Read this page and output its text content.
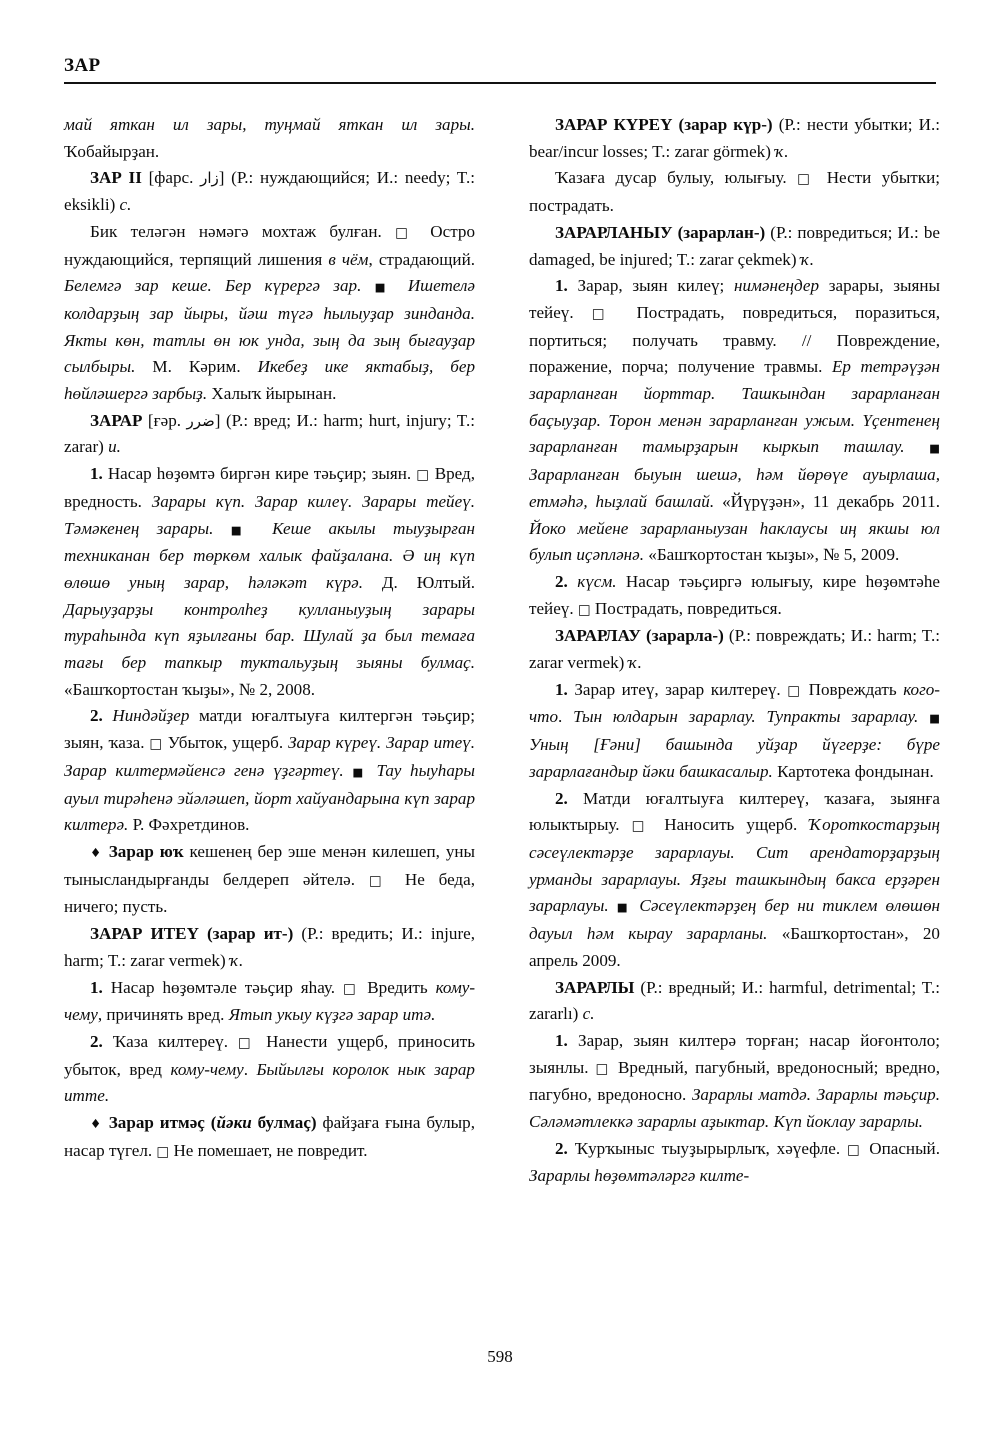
ЗАР

май яткан ил зары, туңмай яткан ил зары. Ҡобайырҙан.

ЗАР II [фарс. زار] (Р.: нуждающийся; И.: needy; T.: eksikli) с.

Бик теләгән нәмәгә мохтаж булған. □ Остро нуждающийся, терпящий лишения в чём, страдающий. Белемгә зар кеше. Бер күрергә зар. ■ Ишетелә колдарҙың зар йыры, йәш түгә һылыуҙар зинданда. Якты көн, татлы өн юк унда, зың да зың бығауҙар сылбыры. М. Кәрим. Икебеҙ ике яктабыҙ, бер һөйләшергә зарбыҙ. Халыҡ йырынан.

ЗАРАР [ғәр. ضرر] (Р.: вред; И.: harm; hurt, injury; T.: zarar) и.

1. Насар һөҙөмтә биргән кире тәьҫир; зыян. □ Вред, вредность. Зарары күп. Зарар килеү. Зарары тейеү. Тәмәкенең зарары. ■ Кеше акылы тыуҙырған техниканан бер төркөм халык файҙалана. Ә иң күп өлөшө уның зарар, һәләкәт күрә. Д. Юлтый. Дарыуҙарҙы контролһеҙ кулланыуҙың зарары тураһында күп яҙылғаны бар. Шулай ҙа был темаға тағы бер тапкыр туктальуҙың зыяны булмаҫ. «Башҡортостан ҡыҙы», № 2, 2008.

2. Ниндәйҙер матди юғалтыуға килтергән тәьҫир; зыян, ҡаза. □ Убыток, ущерб. Зарар күреү. Зарар итеү. Зарар килтермәйенсә генә үҙгәртеү. ■ Тау һыуһары ауыл тирәһенә эйәләшеп, йорт хайуандарына күп зарар килтерә. Р. Фәхретдинов.

♦ Зарар юҡ кешенең бер эше менән килешеп, уны тынысландырғанды белдереп әйтелә. □ Не беда, ничего; пусть.

ЗАРАР ИТЕҮ (зарар ит-) (Р.: вредить; И.: injure, harm; T.: zarar vermek) ҡ.

1. Насар һөҙөмтәле тәьҫир яһау. □ Вредить кому-чему, причинять вред. Ятып укыу күҙгә зарар итә.

2. Ҡаза килтереү. □ Нанести ущерб, приносить убыток, вред кому-чему. Быйылғы королок нык зарар итте.

♦ Зарар итмәҫ (йәки булмаҫ) файҙаға ғына булыр, насар түгел. □ Не помешает, не повредит.

ЗАРАР КҮРЕҮ (зарар күр-) (Р.: нести убытки; И.: bear/incur losses; T.: zarar görmek) ҡ.

Ҡазаға дусар булыу, юлығыу. □ Нести убытки; пострадать.

ЗАРАРЛАНЫУ (зарарлан-) (Р.: повредиться; И.: be damaged, be injured; T.: zarar çekmek) ҡ.

1. Зарар, зыян килеү; нимәнеңдер зарары, зыяны тейеү. □ Пострадать, повредиться, поразиться, портиться; получать травму. // Повреждение, поражение, порча; получение травмы. Ер тетрәүҙән зарарланған йорттар. Ташкындан зарарланған баҫыуҙар. Торон менән зарарланған ужым. Үҫентенең зарарланған тамырҙарын кыркып ташлау. ■ Зарарланған быуын шешә, һәм йөрөүе ауырлаша, етмәһә, һыҙлай башлай. «Йүрүҙән», 11 декабрь 2011. Йоко мейене зарарланыузан һаклаусы иң якшы юл булып иҫәпләнә. «Башҡортостан ҡыҙы», № 5, 2009.

2. күсм. Насар тәьҫиргә юлығыу, кире һөҙөмтәһе тейеү. □ Пострадать, повредиться.

ЗАРАРЛАУ (зарарла-) (Р.: повреждать; И.: harm; T.: zarar vermek) ҡ.

1. Зарар итеү, зарар килтереү. □ Повреждать кого-что. Тын юлдарын зарарлау. Тупракты зарарлау. ■ Уның [Ғәни] башында уйҙар йүгерҙе: бүре зарарлағандыр йәки башкасалыр. Картотека фондынан.

2. Матди юғалтыуға килтереү, ҡазаға, зыянға юлыктырыу. □ Наносить ущерб. Ҡороткостарҙың сәсеүлектәрҙе зарарлауы. Сит арендаторҙарҙың урманды зарарлауы. Яҙғы ташкындың бакса ерҙәрен зарарлауы. ■ Сәсеүлектәрҙең бер ни тиклем өлөшөн дауыл һәм кырау зарарланы. «Башҡортостан», 20 апрель 2009.

ЗАРАРЛЫ (Р.: вредный; И.: harmful, detrimental; T.: zararlı) с.

1. Зарар, зыян килтерә торған; насар йоғонтоло; зыянлы. □ Вредный, пагубный, вредоносный; вредно, пагубно, вредоносно. Зарарлы матдә. Зарарлы тәьҫир. Сәләмәтлеккә зарарлы аҙыктар. Күп йоклау зарарлы.

2. Ҡурҡыныс тыуҙырырлыҡ, хәүефле. □ Опасный. Зарарлы һөҙөмтәләргә килте-

598
